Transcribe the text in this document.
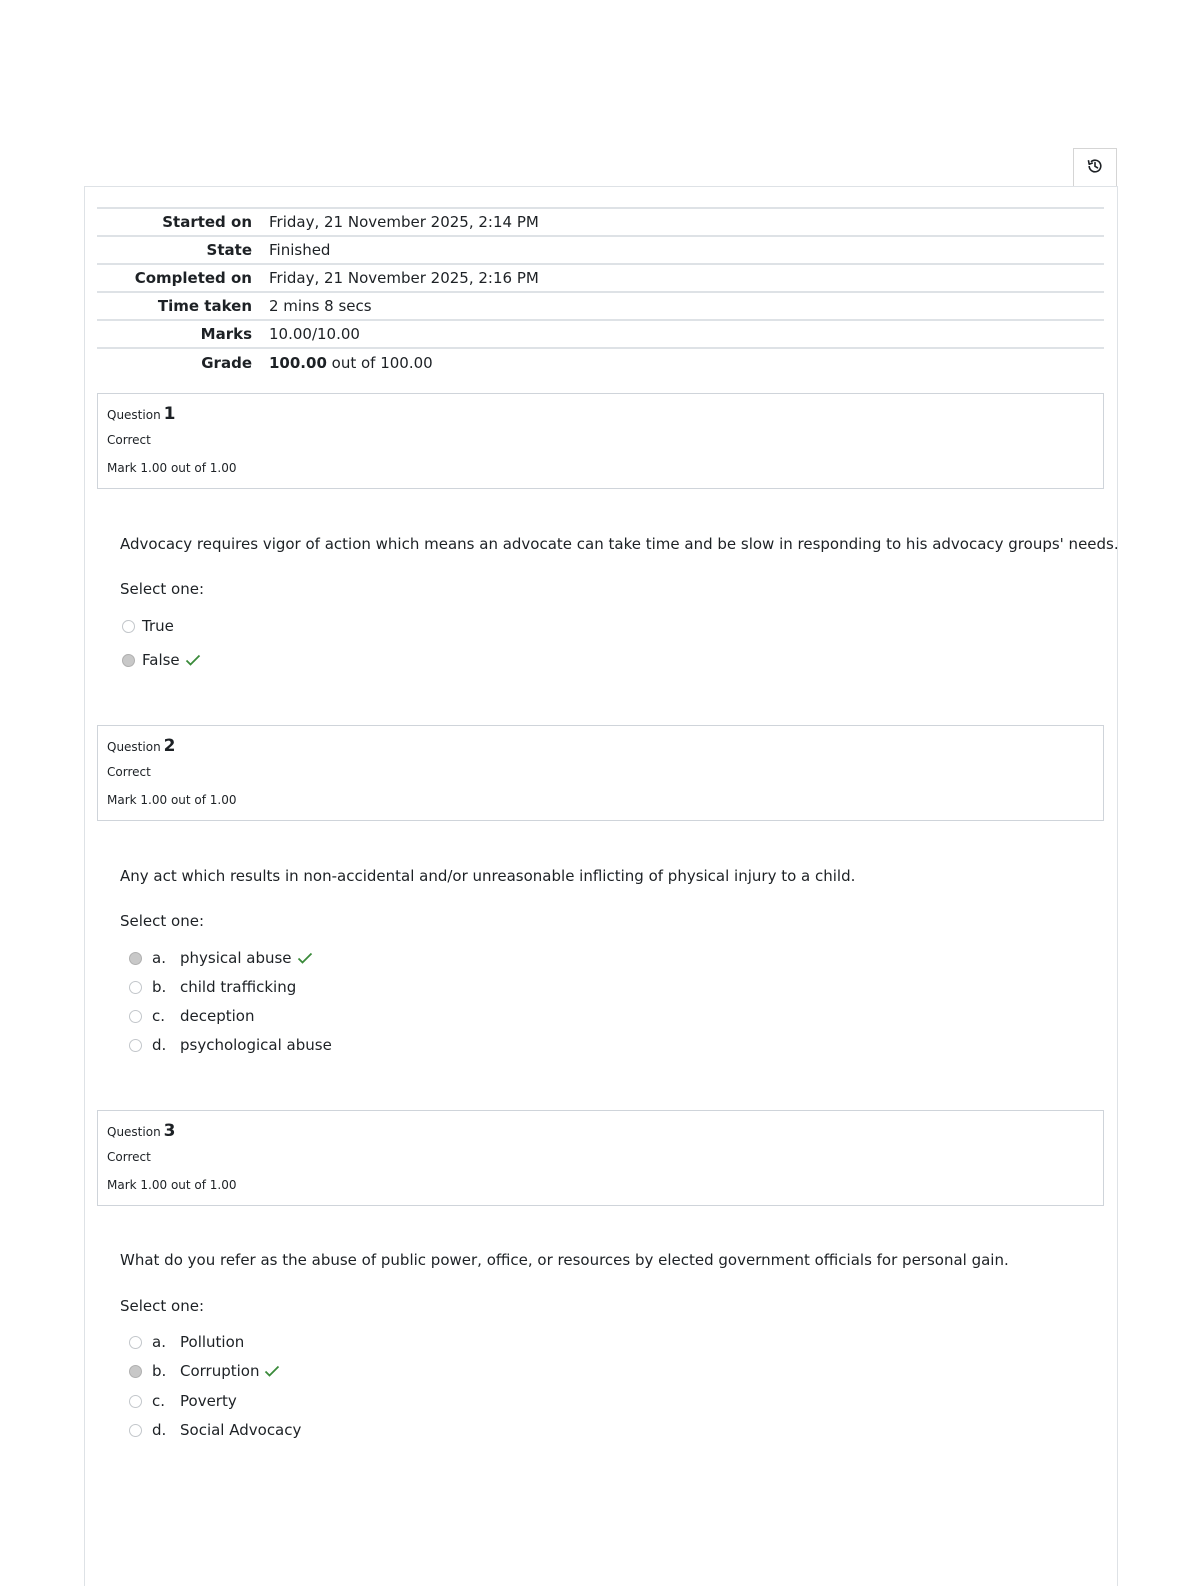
Started on	Friday, 21 November 2025, 2:14 PM
State	Finished
Completed on	Friday, 21 November 2025, 2:16 PM
Time taken	2 mins 8 secs
Marks	10.00/10.00
Grade	100.00 out of 100.00
Question 1
Correct
Mark 1.00 out of 1.00
Advocacy requires vigor of action which means an advocate can take time and be slow in responding to his advocacy groups' needs.
Select one:
True
False
Question 2
Correct
Mark 1.00 out of 1.00
Any act which results in non-accidental and/or unreasonable inflicting of physical injury to a child.
Select one:
a. physical abuse
b. child trafficking
c. deception
d. psychological abuse
Question 3
Correct
Mark 1.00 out of 1.00
What do you refer as the abuse of public power, office, or resources by elected government officials for personal gain.
Select one:
a. Pollution
b. Corruption
c. Poverty
d. Social Advocacy
